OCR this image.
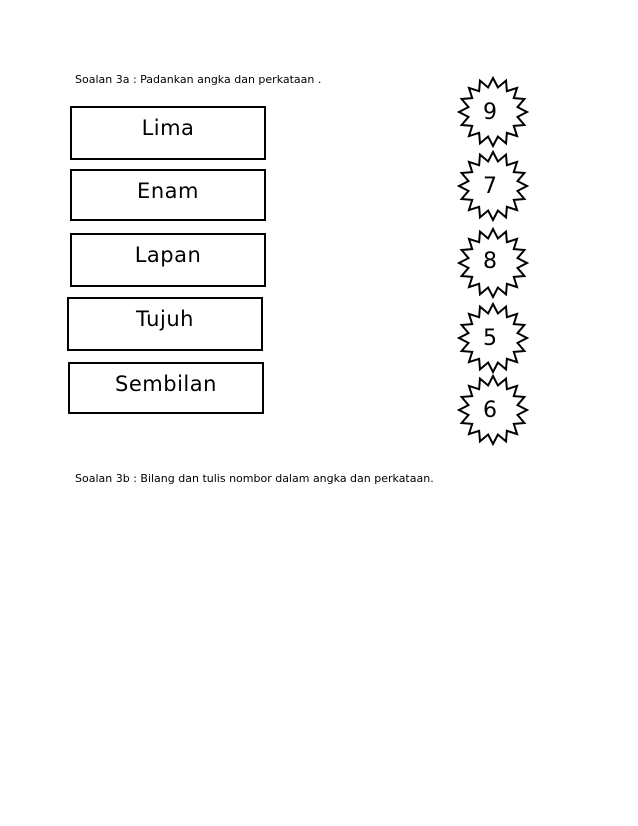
Soalan 3a : Padankan angka dan perkataan .
Lima
Enam
Lapan
Tujuh
Sembilan
9
7
8
5
6
Soalan 3b : Bilang dan tulis nombor dalam angka dan perkataan.
